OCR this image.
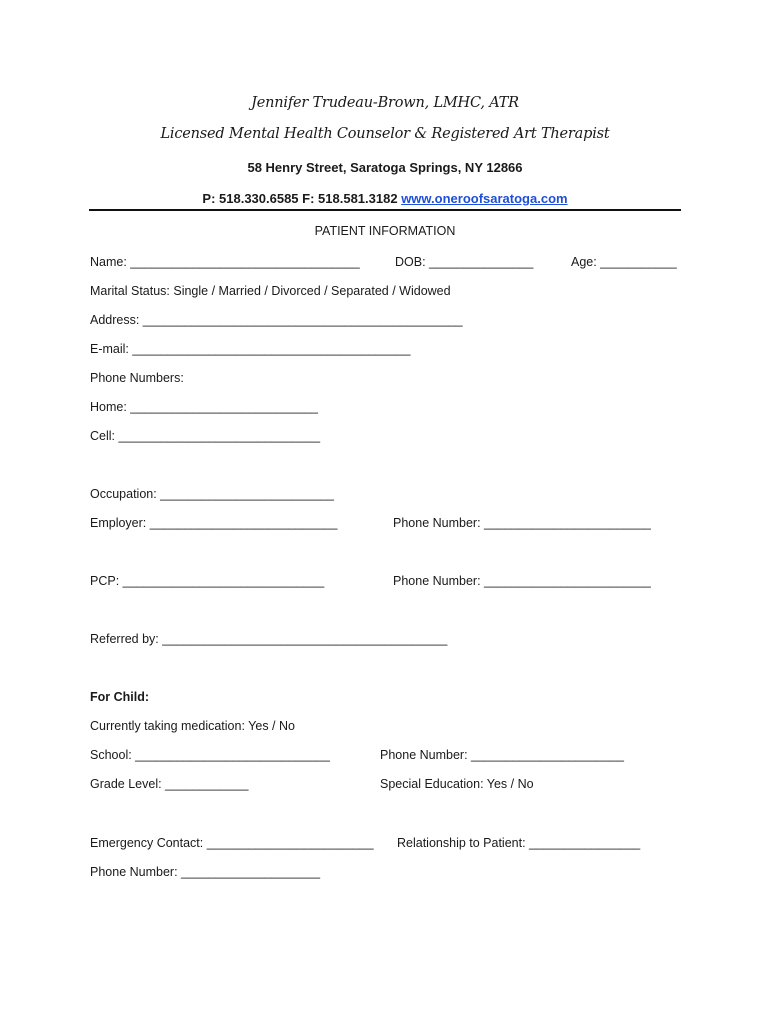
Jennifer Trudeau-Brown, LMHC, ATR
Licensed Mental Health Counselor & Registered Art Therapist
58 Henry Street, Saratoga Springs, NY 12866
P: 518.330.6585 F: 518.581.3182 www.oneroofsaratoga.com
PATIENT INFORMATION
Name: _________________________________	DOB: _______________	Age: ___________
Marital Status: Single / Married / Divorced / Separated / Widowed
Address: ______________________________________________
E-mail: ________________________________________
Phone Numbers:
Home: ___________________________
Cell: _____________________________
Occupation: _________________________
Employer: ___________________________	Phone Number: ________________________
PCP: _____________________________	Phone Number: ________________________
Referred by: _________________________________________
For Child:
Currently taking medication: Yes / No
School: ____________________________	Phone Number: ______________________
Grade Level: ____________	Special Education: Yes / No
Emergency Contact: ________________________ Relationship to Patient: ________________
Phone Number: ____________________
